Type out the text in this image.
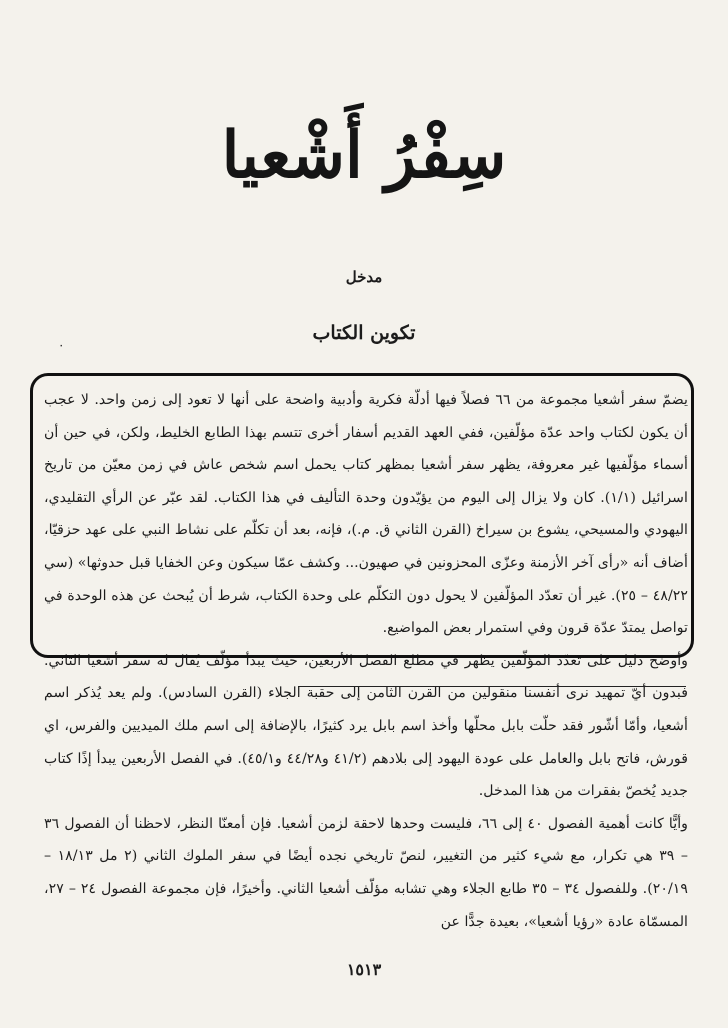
سِفْرُ أَشْعيا
مدخل
تكوين الكتاب
٠

يضمّ سفر أشعيا مجموعة من ٦٦ فصلاً فيها أدلّة فكرية وأدبية واضحة على أنها لا تعود إلى زمن واحد. لا عجب أن يكون لكتاب واحد عدّة مؤلّفين، ففي العهد القديم أسفار أخرى تتسم بهذا الطابع الخليط، ولكن، في حين أن أسماء مؤلّفيها غير معروفة، يظهر سفر أشعيا بمظهر كتاب يحمل اسم شخص عاش في زمن معيّن من تاريخ اسرائيل (١/١). كان ولا يزال إلى اليوم من يؤيّدون وحدة التأليف في هذا الكتاب. لقد عبّر عن الرأي التقليدي، اليهودي والمسيحي، يشوع بن سيراخ (القرن الثاني ق. م.)، فإنه، بعد أن تكلّم على نشاط النبي على عهد حزقيّا، أضاف أنه «رأى آخر الأزمنة وعزّى المحزونين في صهيون... وكشف عمّا سيكون وعن الخفايا قبل حدوثها» (سي ٤٨/٢٢ – ٢٥). غير أن تعدّد المؤلّفين لا يحول دون التكلّم على وحدة الكتاب، شرط أن يُبحث عن هذه الوحدة في تواصل يمتدّ عدّة قرون وفي استمرار بعض المواضيع.

وأوضح دليل على تعدّد المؤلّفين يظهر في مطلع الفصل الأربعين، حيث يبدأ مؤلّف يُقال له سفر أشعيا الثاني. فبدون أيّ تمهيد نرى أنفسنا منقولين من القرن الثامن إلى حقبة الجلاء (القرن السادس). ولم يعد يُذكر اسم أشعيا، وأمّا أشّور فقد حلّت بابل محلّها وأخذ اسم بابل يرد كثيرًا، بالإضافة إلى اسم ملك الميديين والفرس، اي قورش، فاتح بابل والعامل على عودة اليهود إلى بلادهم (٤١/٢ و٤٤/٢٨ و٤٥/١). في الفصل الأربعين يبدأ إذًا كتاب جديد يُخصّ بفقرات من هذا المدخل.

وأيًّا كانت أهمية الفصول ٤٠ إلى ٦٦، فليست وحدها لاحقة لزمن أشعيا. فإن أمعنّا النظر، لاحظنا أن الفصول ٣٦ – ٣٩ هي تكرار، مع شيء كثير من التغيير، لنصّ تاريخي نجده أيضًا في سفر الملوك الثاني (٢ مل ١٨/١٣ – ٢٠/١٩). وللفصول ٣٤ – ٣٥ طابع الجلاء وهي تشابه مؤلّف أشعيا الثاني. وأخيرًا، فإن مجموعة الفصول ٢٤ – ٢٧، المسمّاة عادة «رؤيا أشعيا»، بعيدة جدًّا عن

١٥١٣
